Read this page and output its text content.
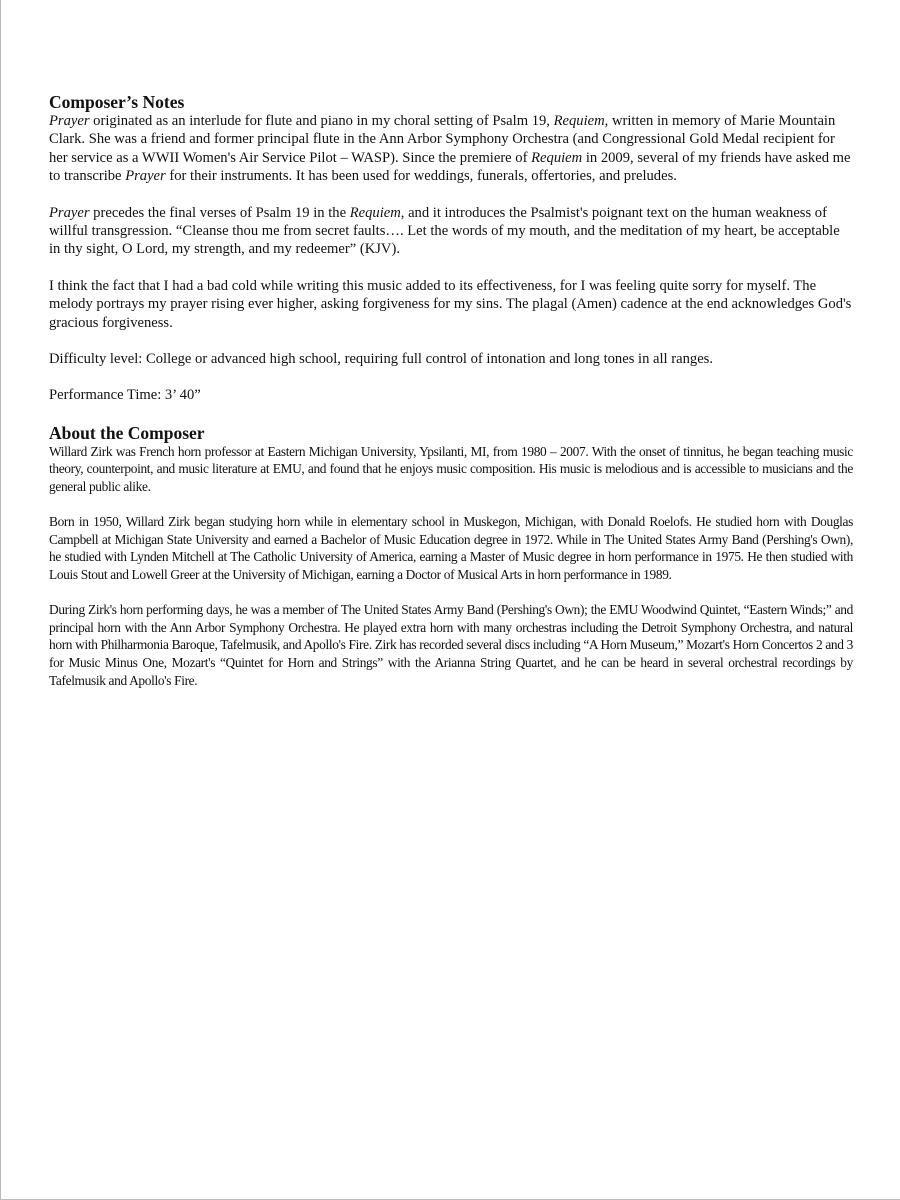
Composer’s Notes

Prayer originated as an interlude for flute and piano in my choral setting of Psalm 19, Requiem, written in memory of Marie Mountain Clark. She was a friend and former principal flute in the Ann Arbor Symphony Orchestra (and Congressional Gold Medal recipient for her service as a WWII Women's Air Service Pilot – WASP). Since the premiere of Requiem in 2009, several of my friends have asked me to transcribe Prayer for their instruments. It has been used for weddings, funerals, offertories, and preludes.

Prayer precedes the final verses of Psalm 19 in the Requiem, and it introduces the Psalmist's poignant text on the human weakness of willful transgression. “Cleanse thou me from secret faults…. Let the words of my mouth, and the meditation of my heart, be acceptable in thy sight, O Lord, my strength, and my redeemer” (KJV).

I think the fact that I had a bad cold while writing this music added to its effectiveness, for I was feeling quite sorry for myself. The melody portrays my prayer rising ever higher, asking forgiveness for my sins. The plagal (Amen) cadence at the end acknowledges God's gracious forgiveness.

Difficulty level: College or advanced high school, requiring full control of intonation and long tones in all ranges.

Performance Time: 3’ 40”

About the Composer

Willard Zirk was French horn professor at Eastern Michigan University, Ypsilanti, MI, from 1980 – 2007. With the onset of tinnitus, he began teaching music theory, counterpoint, and music literature at EMU, and found that he enjoys music composition. His music is melodious and is accessible to musicians and the general public alike.

Born in 1950, Willard Zirk began studying horn while in elementary school in Muskegon, Michigan, with Donald Roelofs. He studied horn with Douglas Campbell at Michigan State University and earned a Bachelor of Music Education degree in 1972. While in The United States Army Band (Pershing's Own), he studied with Lynden Mitchell at The Catholic University of America, earning a Master of Music degree in horn performance in 1975. He then studied with Louis Stout and Lowell Greer at the University of Michigan, earning a Doctor of Musical Arts in horn performance in 1989.

During Zirk's horn performing days, he was a member of The United States Army Band (Pershing's Own); the EMU Woodwind Quintet, “Eastern Winds;” and principal horn with the Ann Arbor Symphony Orchestra. He played extra horn with many orchestras including the Detroit Symphony Orchestra, and natural horn with Philharmonia Baroque, Tafelmusik, and Apollo's Fire. Zirk has recorded several discs including “A Horn Museum,” Mozart's Horn Concertos 2 and 3 for Music Minus One, Mozart's “Quintet for Horn and Strings” with the Arianna String Quartet, and he can be heard in several orchestral recordings by Tafelmusik and Apollo's Fire.
